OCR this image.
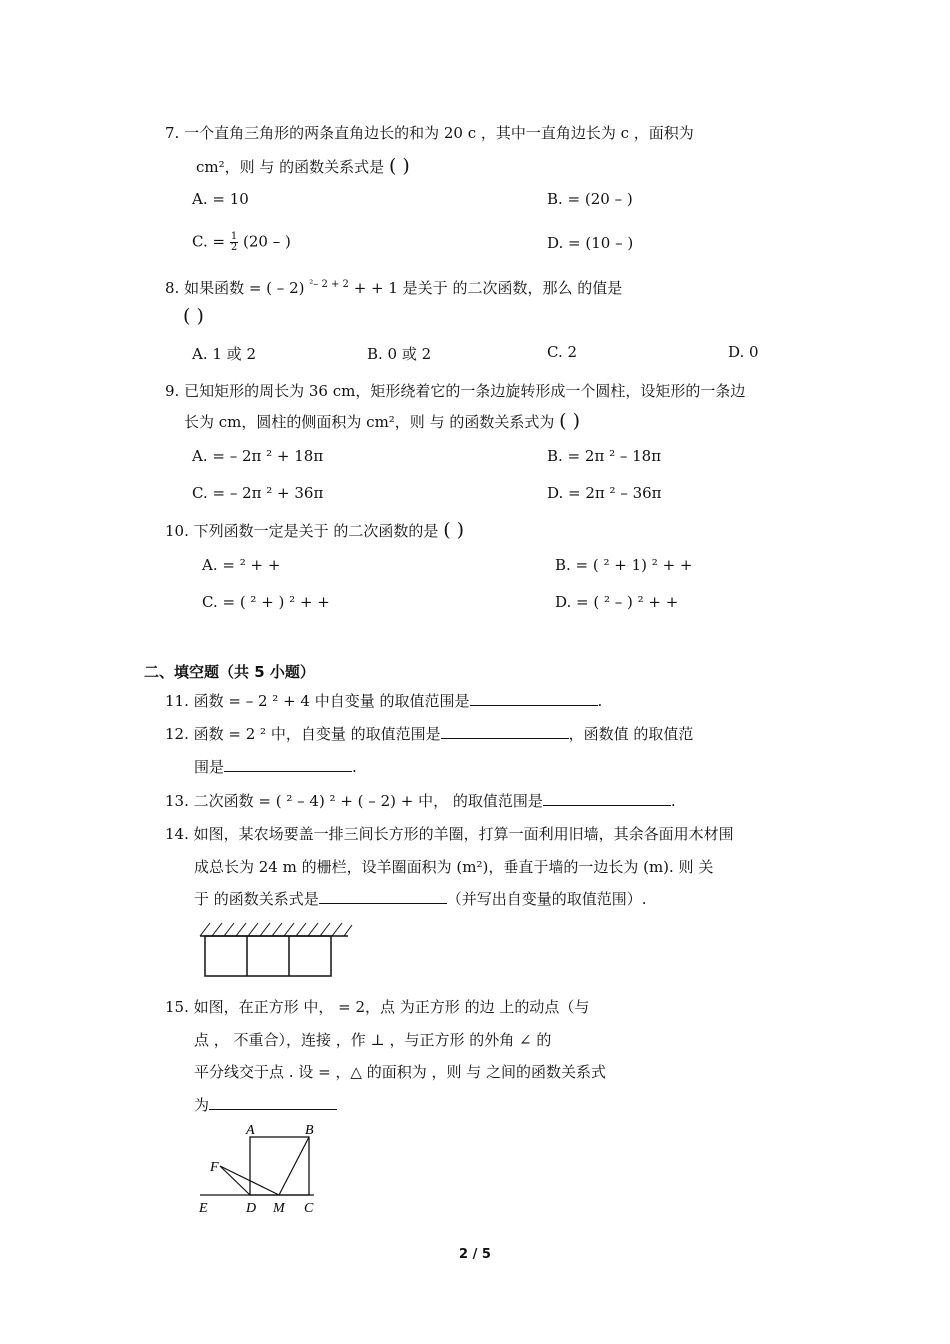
7. 一个直角三角形的两条直角边长的和为 20 c ，其中一直角边长为 c ，面积为
cm²，则 与 的函数关系式是 ( )
A. = 10	B. = (20 – )
C. = $\frac{1}{2} (20$ – )	D. = (10 – )
8. 如果函数 = ( – 2) $^{^2- 2 + 2}$ + + 1 是关于 的二次函数，那么 的值是
( )
A. 1 或 2	B. 0 或 2	C. 2	D. 0
9. 已知矩形的周长为 36 cm，矩形绕着它的一条边旋转形成一个圆柱，设矩形的一条边
长为 cm，圆柱的侧面积为 cm²，则 与 的函数关系式为 ( )
A. = – 2π ² + 18π	B. = 2π ² – 18π
C. = – 2π ² + 36π	D. = 2π ² – 36π
10. 下列函数一定是关于 的二次函数的是 ( )
A. = ² + +	B. = ( ² + 1) ² + +
C. = ( ² + ) ² + +	D. = ( ² – ) ² + +
二、填空题（共 5 小题）
11. 函数 = – 2 ² + 4 中自变量 的取值范围是	.
12. 函数 = 2 ² 中，自变量 的取值范围是	，函数值 的取值范
围是	.
13. 二次函数 = ( ² – 4) ² + ( – 2) + 中， 的取值范围是	.
14. 如图，某农场要盖一排三间长方形的羊圈，打算一面利用旧墙，其余各面用木材围
成总长为 24 m 的栅栏，设羊圈面积为 (m²)，垂直于墙的一边长为 (m). 则 关
于 的函数关系式是	（并写出自变量的取值范围）.
15. 如图，在正方形 中， = 2，点 为正方形 的边 上的动点（与
点 ， 不重合），连接 ，作 ⊥ ，与正方形 的外角 ∠ 的
平分线交于点 . 设 = ，△ 的面积为 ，则 与 之间的函数关系式
为
A	B
F
E	D M C
2 / 5
